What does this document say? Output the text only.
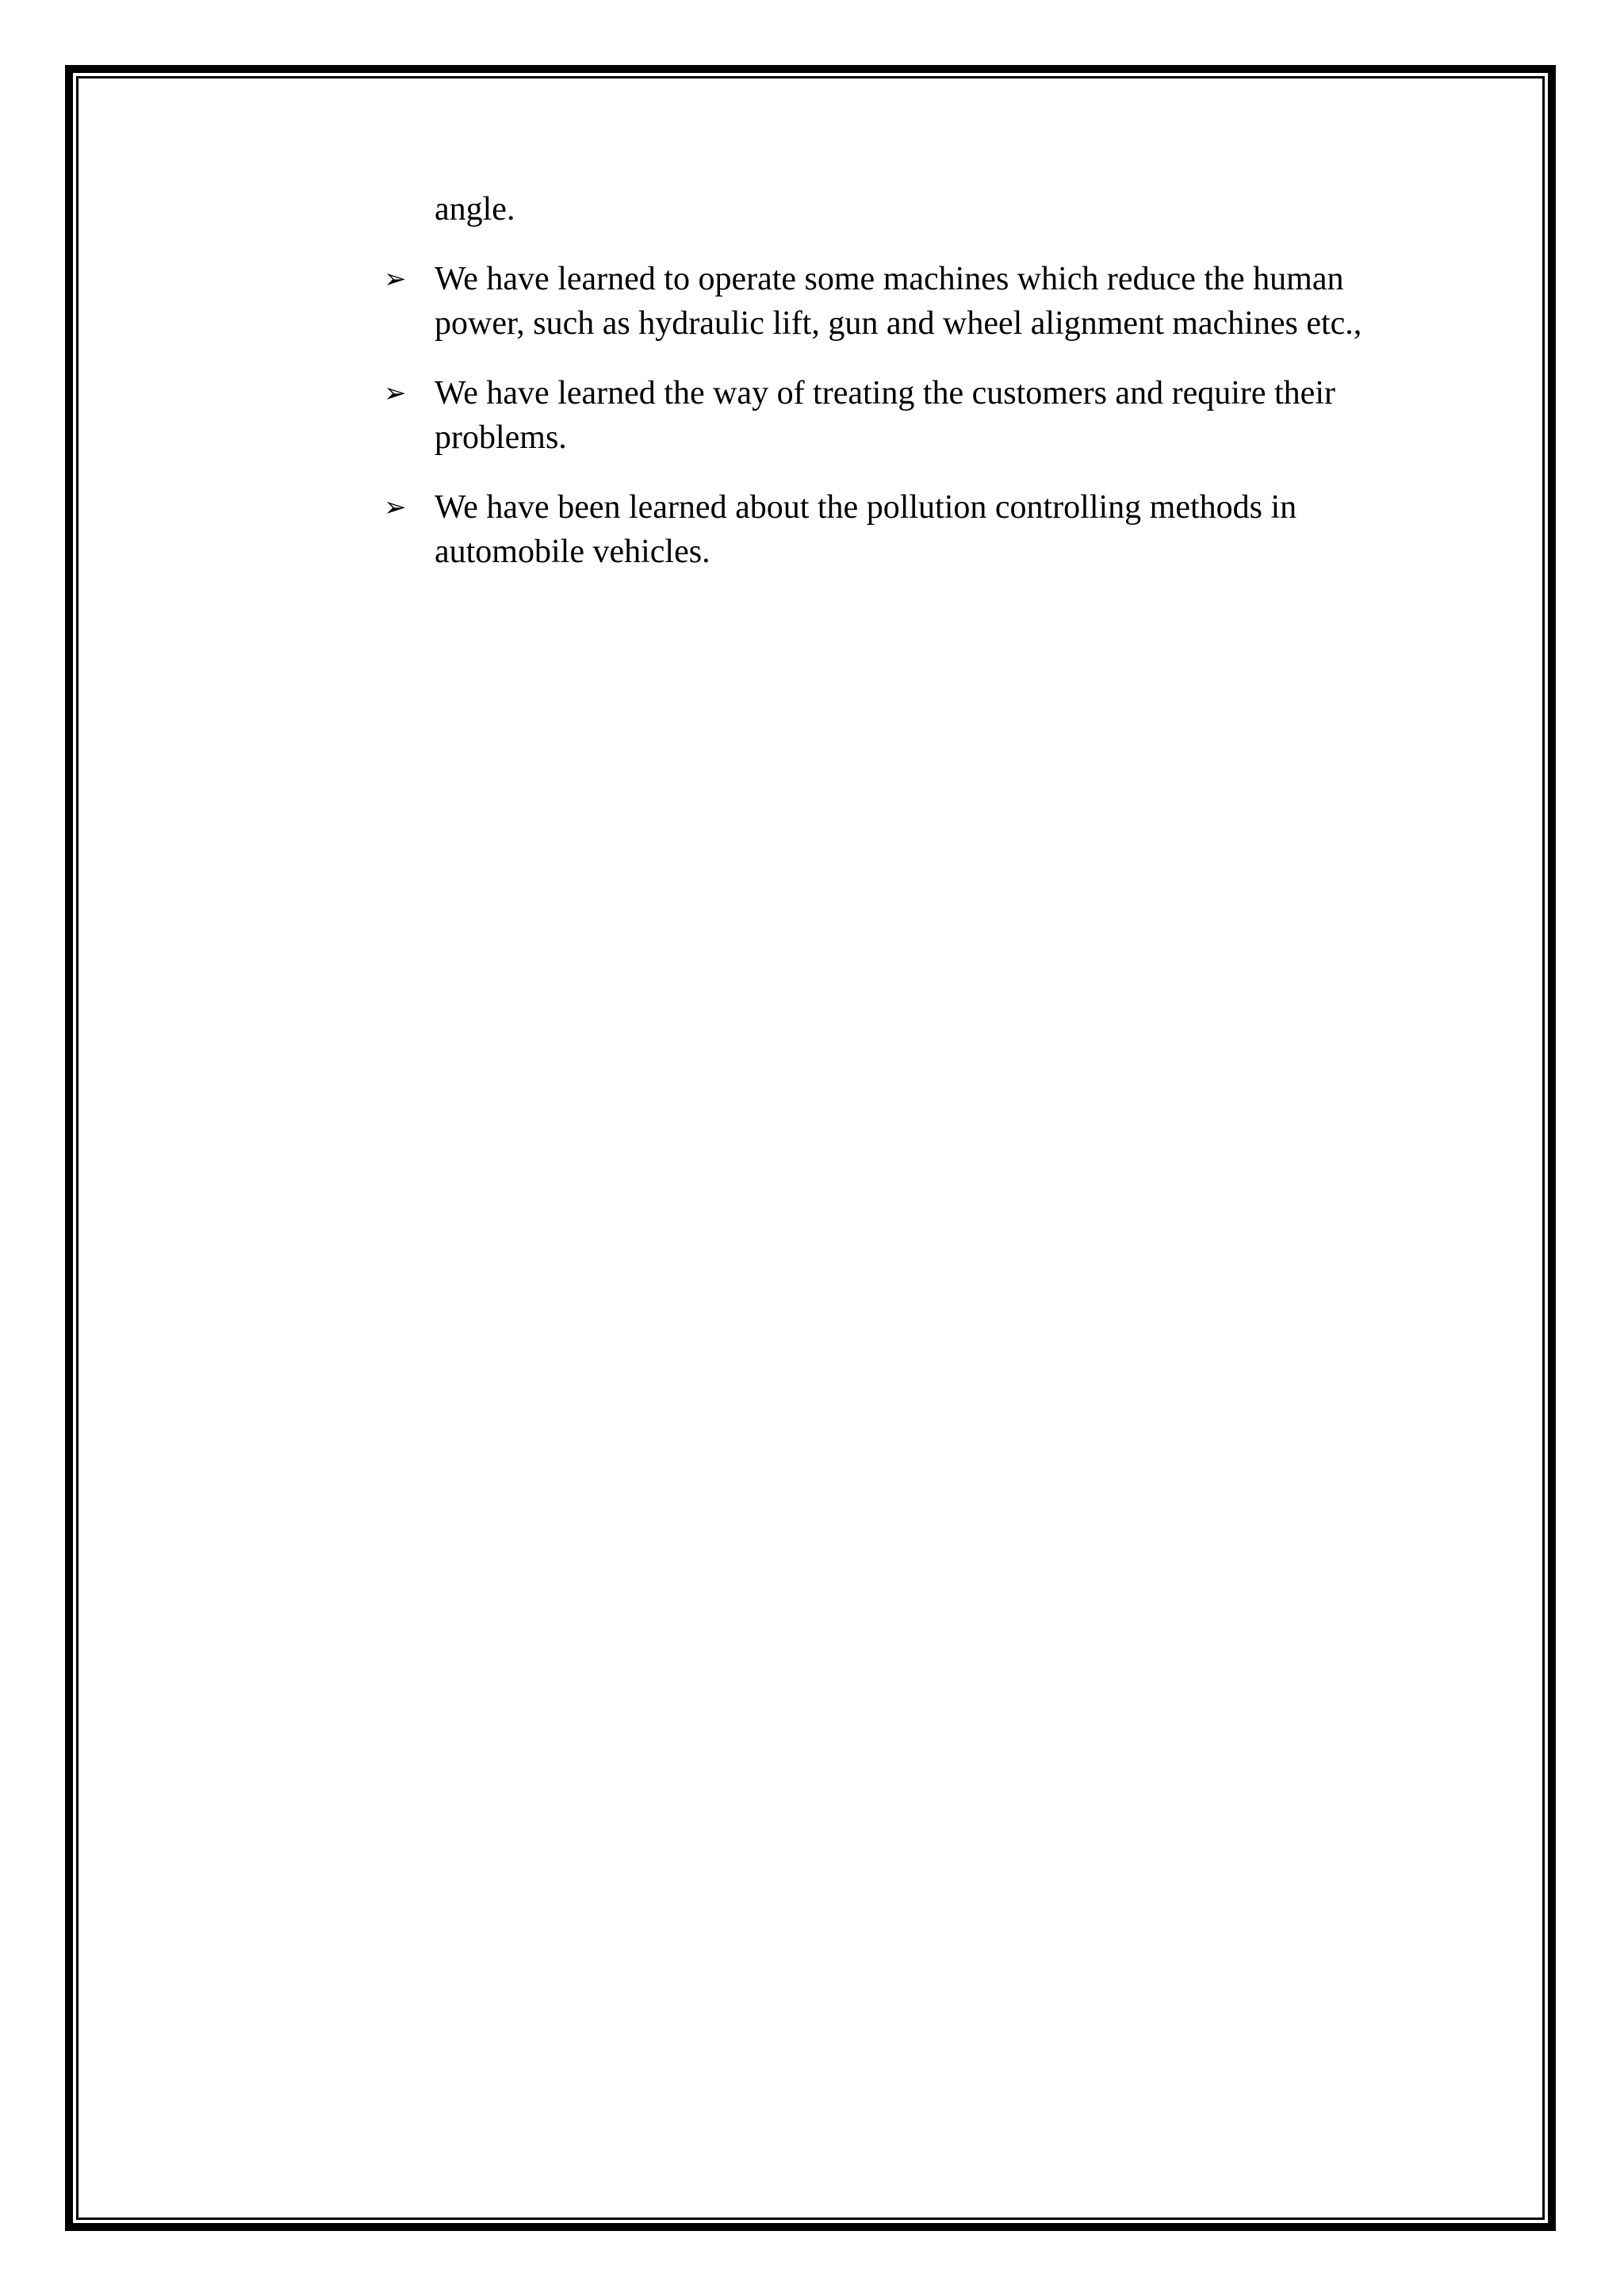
angle.

➢ We have learned to operate some machines which reduce the human
power, such as hydraulic lift, gun and wheel alignment machines etc.,
➢ We have learned the way of treating the customers and require their
problems.
➢ We have been learned about the pollution controlling methods in
automobile vehicles.
